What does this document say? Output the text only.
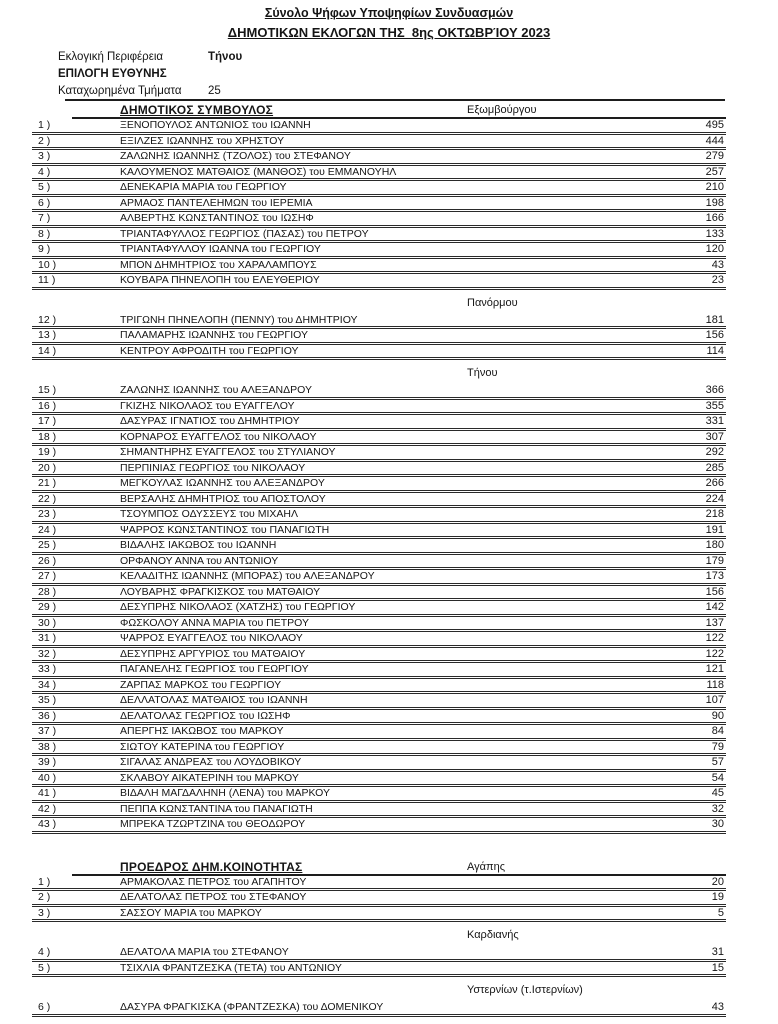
Σύνολο Ψήφων Υποψηφίων Συνδυασμών
ΔΗΜΟΤΙΚΩΝ ΕΚΛΟΓΩΝ ΤΗΣ  8ης ΟΚΤΩΒΡΊΟΥ 2023
Εκλογική Περιφέρεια	Τήνου
ΕΠΙΛΟΓΗ ΕΥΘΥΝΗΣ
Καταχωρημένα Τμήματα	25
ΔΗΜΟΤΙΚΟΣ ΣΥΜΒΟΥΛΟΣ	Εξωμβούργου
1 )	ΞΕΝΟΠΟΥΛΟΣ ΑΝΤΩΝΙΟΣ του ΙΩΑΝΝΗ	495
2 )	ΕΞΙΛΖΕΣ ΙΩΑΝΝΗΣ του ΧΡΗΣΤΟΥ	444
3 )	ΖΑΛΩΝΗΣ ΙΩΑΝΝΗΣ (ΤΖΟΛΟΣ) του ΣΤΕΦΑΝΟΥ	279
4 )	ΚΑΛΟΥΜΕΝΟΣ ΜΑΤΘΑΙΟΣ (ΜΑΝΘΟΣ) του ΕΜΜΑΝΟΥΗΛ	257
5 )	ΔΕΝΕΚΑΡΙΑ ΜΑΡΙΑ του ΓΕΩΡΓΙΟΥ	210
6 )	ΑΡΜΑΟΣ ΠΑΝΤΕΛΕΗΜΩΝ του ΙΕΡΕΜΙΑ	198
7 )	ΑΛΒΕΡΤΗΣ ΚΩΝΣΤΑΝΤΙΝΟΣ του ΙΩΣΗΦ	166
8 )	ΤΡΙΑΝΤΑΦΥΛΛΟΣ ΓΕΩΡΓΙΟΣ (ΠΑΣΑΣ) του ΠΕΤΡΟΥ	133
9 )	ΤΡΙΑΝΤΑΦΥΛΛΟΥ ΙΩΑΝΝΑ του ΓΕΩΡΓΙΟΥ	120
10 )	ΜΠΟΝ ΔΗΜΗΤΡΙΟΣ του ΧΑΡΑΛΑΜΠΟΥΣ	43
11 )	ΚΟΥΒΑΡΑ ΠΗΝΕΛΟΠΗ του ΕΛΕΥΘΕΡΙΟΥ	23
Πανόρμου
12 )	ΤΡΙΓΩΝΗ ΠΗΝΕΛΟΠΗ (ΠΕΝΝΥ) του ΔΗΜΗΤΡΙΟΥ	181
13 )	ΠΑΛΑΜΑΡΗΣ ΙΩΑΝΝΗΣ του ΓΕΩΡΓΙΟΥ	156
14 )	ΚΕΝΤΡΟΥ ΑΦΡΟΔΙΤΗ του ΓΕΩΡΓΙΟΥ	114
Τήνου
15 )	ΖΑΛΩΝΗΣ ΙΩΑΝΝΗΣ του ΑΛΕΞΑΝΔΡΟΥ	366
16 )	ΓΚΙΖΗΣ ΝΙΚΟΛΑΟΣ του ΕΥΑΓΓΕΛΟΥ	355
17 )	ΔΑΣΥΡΑΣ ΙΓΝΑΤΙΟΣ του ΔΗΜΗΤΡΙΟΥ	331
18 )	ΚΟΡΝΑΡΟΣ ΕΥΑΓΓΕΛΟΣ του ΝΙΚΟΛΑΟΥ	307
19 )	ΣΗΜΑΝΤΗΡΗΣ ΕΥΑΓΓΕΛΟΣ του ΣΤΥΛΙΑΝΟΥ	292
20 )	ΠΕΡΠΙΝΙΑΣ ΓΕΩΡΓΙΟΣ του ΝΙΚΟΛΑΟΥ	285
21 )	ΜΕΓΚΟΥΛΑΣ ΙΩΑΝΝΗΣ του ΑΛΕΞΑΝΔΡΟΥ	266
22 )	ΒΕΡΣΑΛΗΣ ΔΗΜΗΤΡΙΟΣ του ΑΠΟΣΤΟΛΟΥ	224
23 )	ΤΣΟΥΜΠΟΣ ΟΔΥΣΣΕΥΣ του ΜΙΧΑΗΛ	218
24 )	ΨΑΡΡΟΣ ΚΩΝΣΤΑΝΤΙΝΟΣ του ΠΑΝΑΓΙΩΤΗ	191
25 )	ΒΙΔΑΛΗΣ ΙΑΚΩΒΟΣ του ΙΩΑΝΝΗ	180
26 )	ΟΡΦΑΝΟΥ ΑΝΝΑ του ΑΝΤΩΝΙΟΥ	179
27 )	ΚΕΛΑΔΙΤΗΣ ΙΩΑΝΝΗΣ (ΜΠΟΡΑΣ) του ΑΛΕΞΑΝΔΡΟΥ	173
28 )	ΛΟΥΒΑΡΗΣ ΦΡΑΓΚΙΣΚΟΣ του ΜΑΤΘΑΙΟΥ	156
29 )	ΔΕΣΥΠΡΗΣ ΝΙΚΟΛΑΟΣ (ΧΑΤΖΗΣ) του ΓΕΩΡΓΙΟΥ	142
30 )	ΦΩΣΚΟΛΟΥ ΑΝΝΑ ΜΑΡΙΑ του ΠΕΤΡΟΥ	137
31 )	ΨΑΡΡΟΣ ΕΥΑΓΓΕΛΟΣ του ΝΙΚΟΛΑΟΥ	122
32 )	ΔΕΣΥΠΡΗΣ ΑΡΓΥΡΙΟΣ του ΜΑΤΘΑΙΟΥ	122
33 )	ΠΑΓΑΝΕΛΗΣ ΓΕΩΡΓΙΟΣ του ΓΕΩΡΓΙΟΥ	121
34 )	ΖΑΡΠΑΣ ΜΑΡΚΟΣ του ΓΕΩΡΓΙΟΥ	118
35 )	ΔΕΛΛΑΤΟΛΑΣ ΜΑΤΘΑΙΟΣ του ΙΩΑΝΝΗ	107
36 )	ΔΕΛΑΤΟΛΑΣ ΓΕΩΡΓΙΟΣ του ΙΩΣΗΦ	90
37 )	ΑΠΕΡΓΗΣ ΙΑΚΩΒΟΣ του ΜΑΡΚΟΥ	84
38 )	ΣΙΩΤΟΥ ΚΑΤΕΡΙΝΑ του ΓΕΩΡΓΙΟΥ	79
39 )	ΣΙΓΑΛΑΣ ΑΝΔΡΕΑΣ του ΛΟΥΔΟΒΙΚΟΥ	57
40 )	ΣΚΛΑΒΟΥ ΑΙΚΑΤΕΡΙΝΗ του ΜΑΡΚΟΥ	54
41 )	ΒΙΔΑΛΗ ΜΑΓΔΑΛΗΝΗ (ΛΕΝΑ) του ΜΑΡΚΟΥ	45
42 )	ΠΕΠΠΑ ΚΩΝΣΤΑΝΤΙΝΑ του ΠΑΝΑΓΙΩΤΗ	32
43 )	ΜΠΡΕΚΑ ΤΖΩΡΤΖΙΝΑ του ΘΕΟΔΩΡΟΥ	30
ΠΡΟΕΔΡΟΣ ΔΗΜ.ΚΟΙΝΟΤΗΤΑΣ	Αγάπης
1 )	ΑΡΜΑΚΟΛΑΣ ΠΕΤΡΟΣ του ΑΓΑΠΗΤΟΥ	20
2 )	ΔΕΛΑΤΟΛΑΣ ΠΕΤΡΟΣ του ΣΤΕΦΑΝΟΥ	19
3 )	ΣΑΣΣΟΥ ΜΑΡΙΑ του ΜΑΡΚΟΥ	5
Καρδιανής
4 )	ΔΕΛΑΤΟΛΑ ΜΑΡΙΑ του ΣΤΕΦΑΝΟΥ	31
5 )	ΤΣΙΧΛΙΑ ΦΡΑΝΤΖΕΣΚΑ (ΤΕΤΑ) του ΑΝΤΩΝΙΟΥ	15
Υστερνίων (τ.Ιστερνίων)
6 )	ΔΑΣΥΡΑ ΦΡΑΓΚΙΣΚΑ (ΦΡΑΝΤΖΕΣΚΑ) του ΔΟΜΕΝΙΚΟΥ	43
